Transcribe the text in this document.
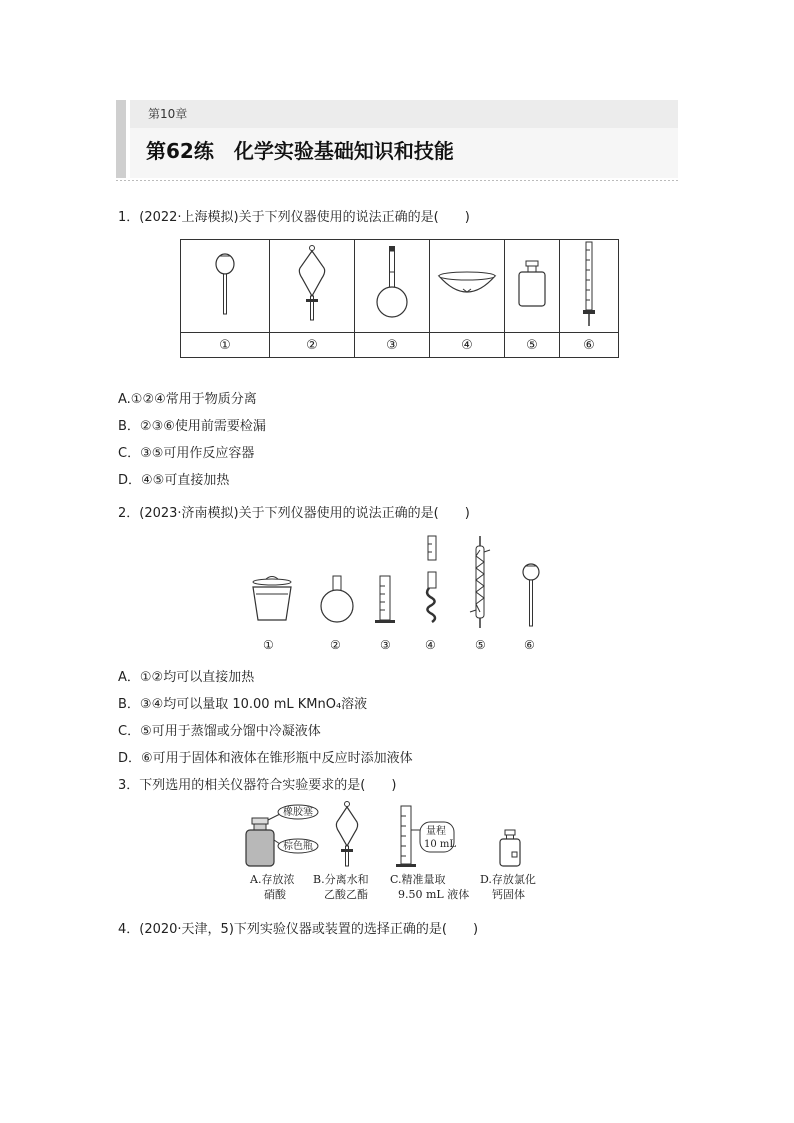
第10章
第62练　化学实验基础知识和技能
1．(2022·上海模拟)关于下列仪器使用的说法正确的是(　　)

①	②	③	④	⑤	⑥
A.①②④常用于物质分离
B．②③⑥使用前需要检漏
C．③⑤可用作反应容器
D．④⑤可直接加热
2．(2023·济南模拟)关于下列仪器使用的说法正确的是(　　)
①	②	③	④	⑤	⑥
A．①②均可以直接加热
B．③④均可以量取 10.00 mL KMnO₄溶液
C．⑤可用于蒸馏或分馏中冷凝液体
D．⑥可用于固体和液体在锥形瓶中反应时添加液体
3．下列选用的相关仪器符合实验要求的是(　　)
橡胶塞
棕色瓶
量程
10 mL
A.存放浓
硝酸
B.分离水和
乙酸乙酯
C.精准量取
9.50 mL 液体
D.存放氯化
钙固体
4．(2020·天津，5)下列实验仪器或装置的选择正确的是(　　)
